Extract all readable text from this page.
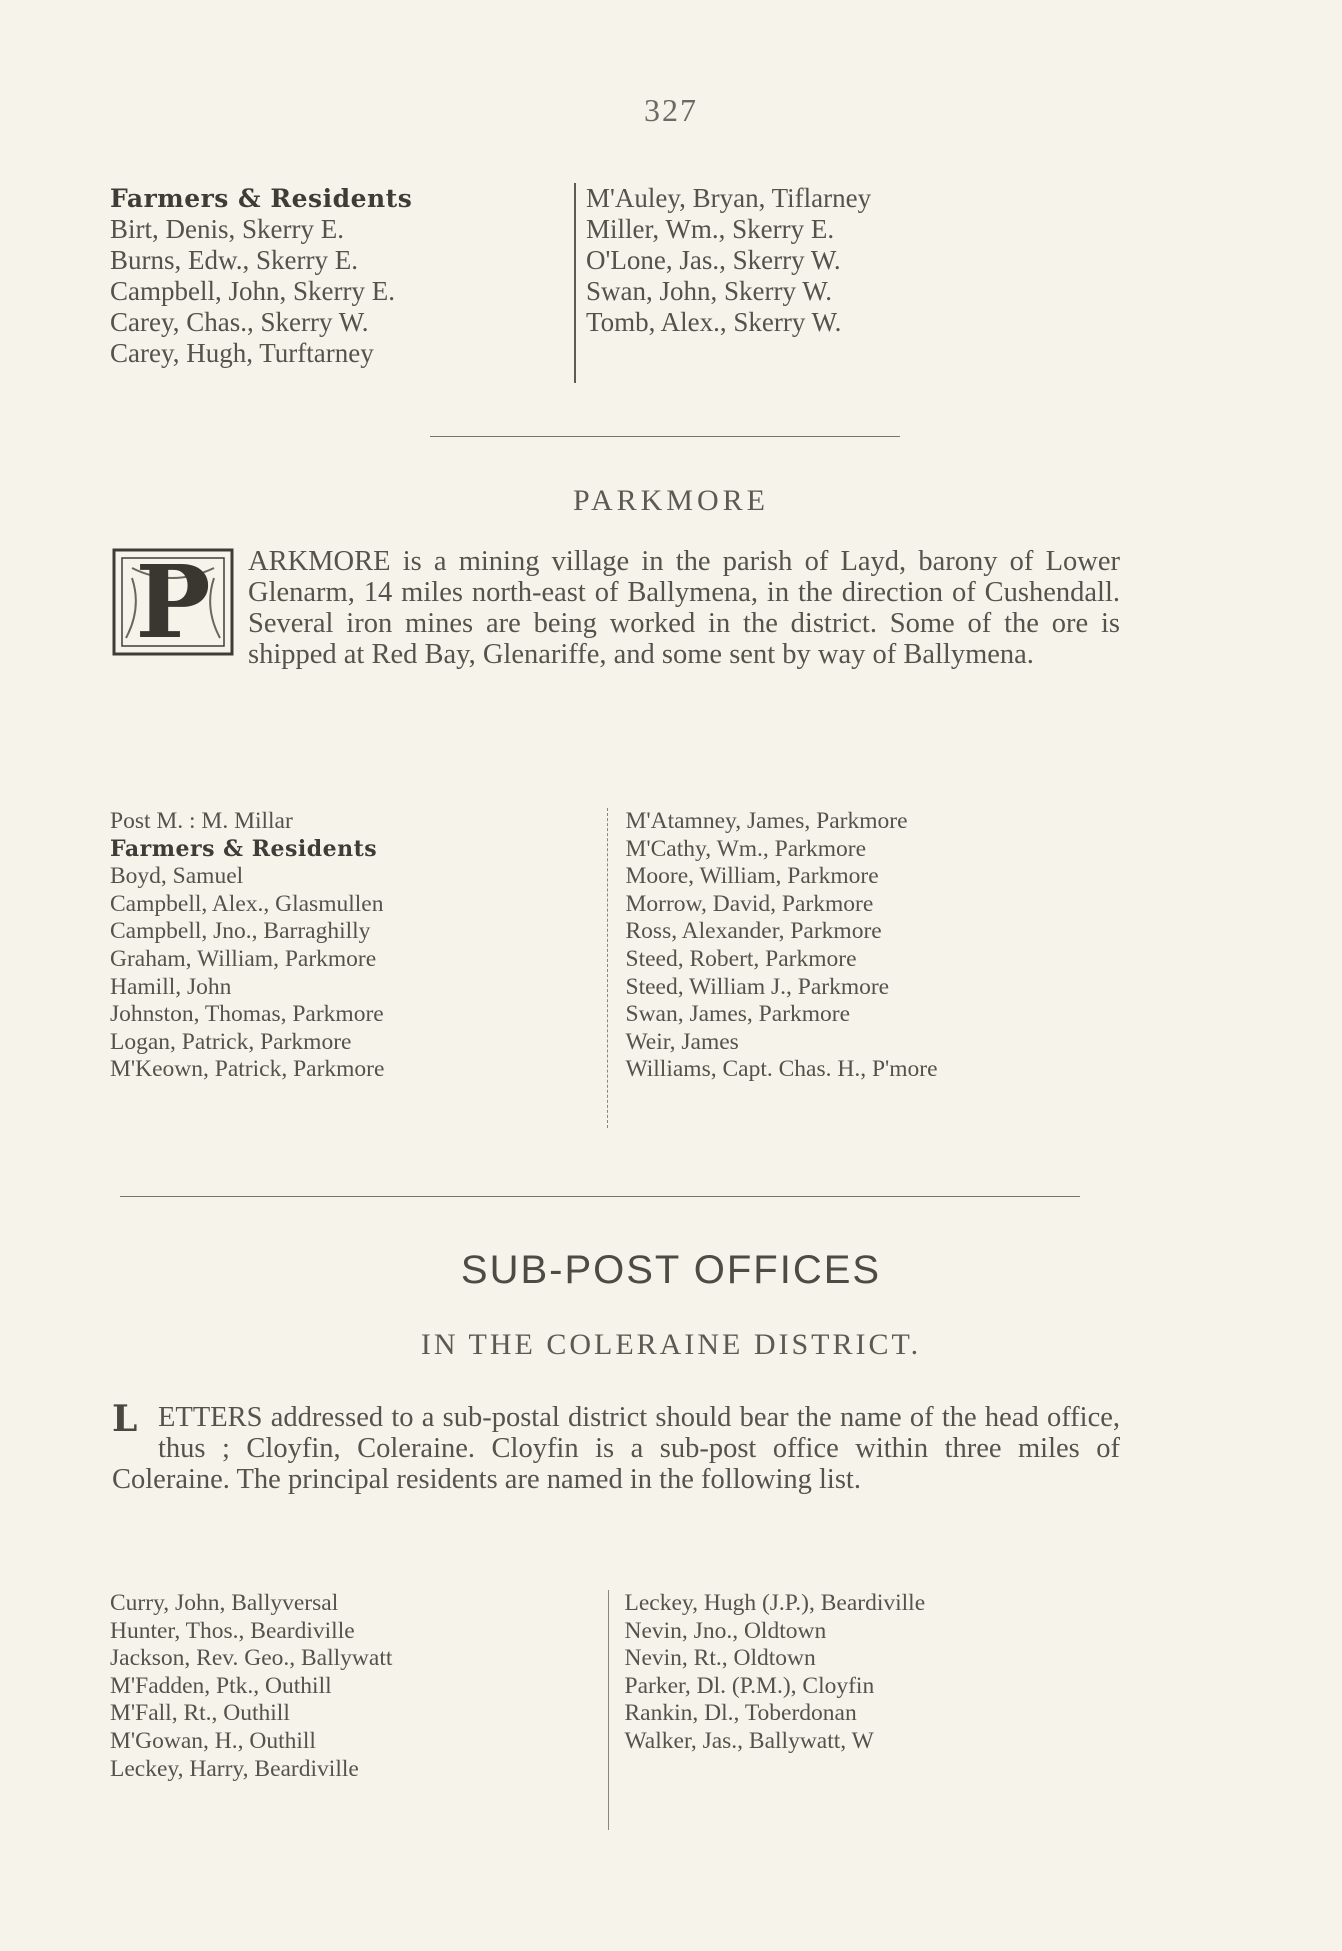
327
Farmers & Residents
Birt, Denis, Skerry E.
Burns, Edw., Skerry E.
Campbell, John, Skerry E.
Carey, Chas., Skerry W.
Carey, Hugh, Turftarney
M'Auley, Bryan, Tiflarney
Miller, Wm., Skerry E.
O'Lone, Jas., Skerry W.
Swan, John, Skerry W.
Tomb, Alex., Skerry W.
PARKMORE
P	ARKMORE is a mining village in the parish of Layd, barony of Lower Glenarm, 14 miles north-east of Ballymena, in the direction of Cushendall. Several iron mines are being worked in the district. Some of the ore is shipped at Red Bay, Glenariffe, and some sent by way of Ballymena.

Post M. : M. Millar
Farmers & Residents
Boyd, Samuel
Campbell, Alex., Glasmullen
Campbell, Jno., Barraghilly
Graham, William, Parkmore
Hamill, John
Johnston, Thomas, Parkmore
Logan, Patrick, Parkmore
M'Keown, Patrick, Parkmore
M'Atamney, James, Parkmore
M'Cathy, Wm., Parkmore
Moore, William, Parkmore
Morrow, David, Parkmore
Ross, Alexander, Parkmore
Steed, Robert, Parkmore
Steed, William J., Parkmore
Swan, James, Parkmore
Weir, James
Williams, Capt. Chas. H., P'more
SUB-POST OFFICES
IN THE COLERAINE DISTRICT.
L ETTERS addressed to a sub-postal district should bear the name of the head office, thus ; Cloyfin, Coleraine. Cloyfin is a sub-post office within three miles of Coleraine. The principal residents are named in the following list.

Curry, John, Ballyversal
Hunter, Thos., Beardiville
Jackson, Rev. Geo., Ballywatt
M'Fadden, Ptk., Outhill
M'Fall, Rt., Outhill
M'Gowan, H., Outhill
Leckey, Harry, Beardiville
Leckey, Hugh (J.P.), Beardiville
Nevin, Jno., Oldtown
Nevin, Rt., Oldtown
Parker, Dl. (P.M.), Cloyfin
Rankin, Dl., Toberdonan
Walker, Jas., Ballywatt, W
